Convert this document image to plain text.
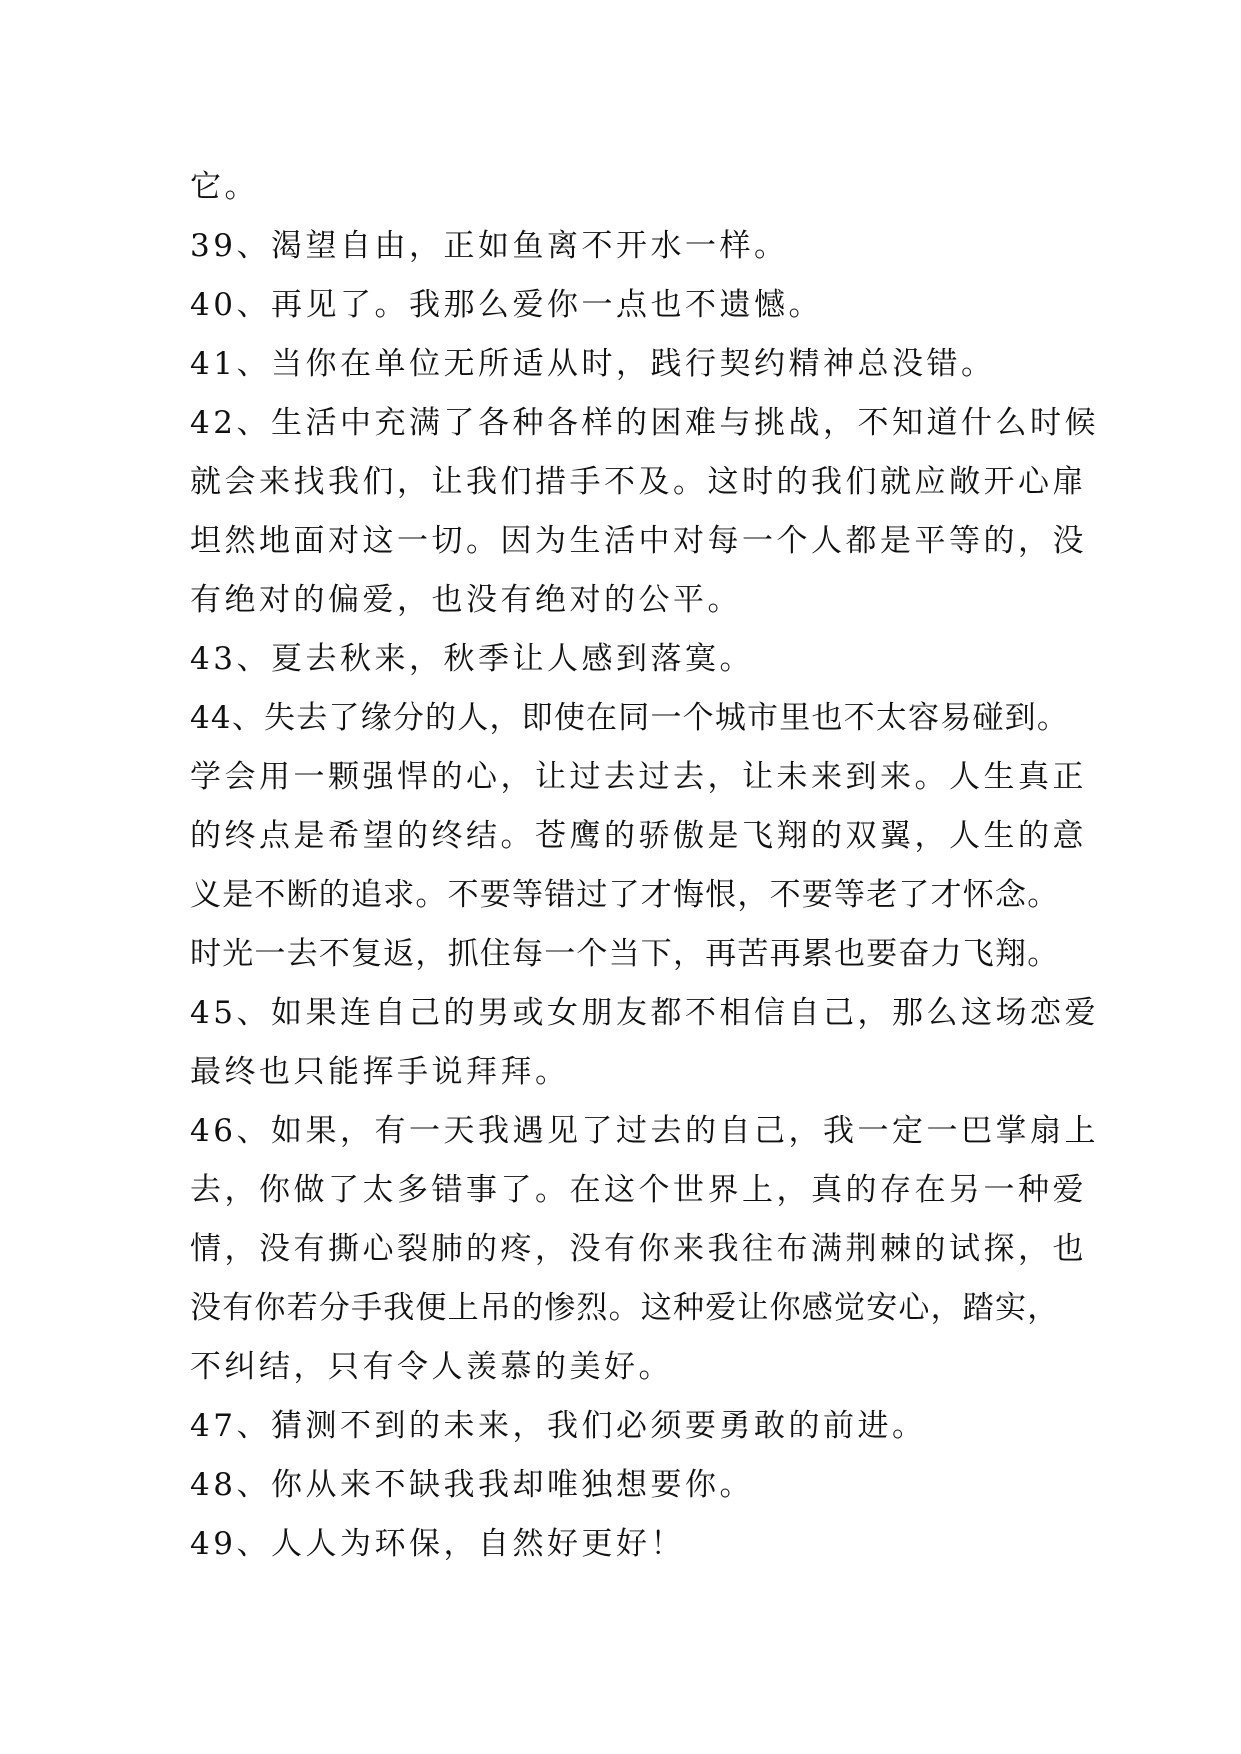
它。
39、渴望自由，正如鱼离不开水一样。
40、再见了。我那么爱你一点也不遗憾。
41、当你在单位无所适从时，践行契约精神总没错。
42、生活中充满了各种各样的困难与挑战，不知道什么时候
就会来找我们，让我们措手不及。这时的我们就应敞开心扉
坦然地面对这一切。因为生活中对每一个人都是平等的，没
有绝对的偏爱，也没有绝对的公平。
43、夏去秋来，秋季让人感到落寞。
44、失去了缘分的人，即使在同一个城市里也不太容易碰到。
学会用一颗强悍的心，让过去过去，让未来到来。人生真正
的终点是希望的终结。苍鹰的骄傲是飞翔的双翼，人生的意
义是不断的追求。不要等错过了才悔恨，不要等老了才怀念。
时光一去不复返，抓住每一个当下，再苦再累也要奋力飞翔。
45、如果连自己的男或女朋友都不相信自己，那么这场恋爱
最终也只能挥手说拜拜。
46、如果，有一天我遇见了过去的自己，我一定一巴掌扇上
去，你做了太多错事了。在这个世界上，真的存在另一种爱
情，没有撕心裂肺的疼，没有你来我往布满荆棘的试探，也
没有你若分手我便上吊的惨烈。这种爱让你感觉安心，踏实，
不纠结，只有令人羡慕的美好。
47、猜测不到的未来，我们必须要勇敢的前进。
48、你从来不缺我我却唯独想要你。
49、人人为环保，自然好更好！
